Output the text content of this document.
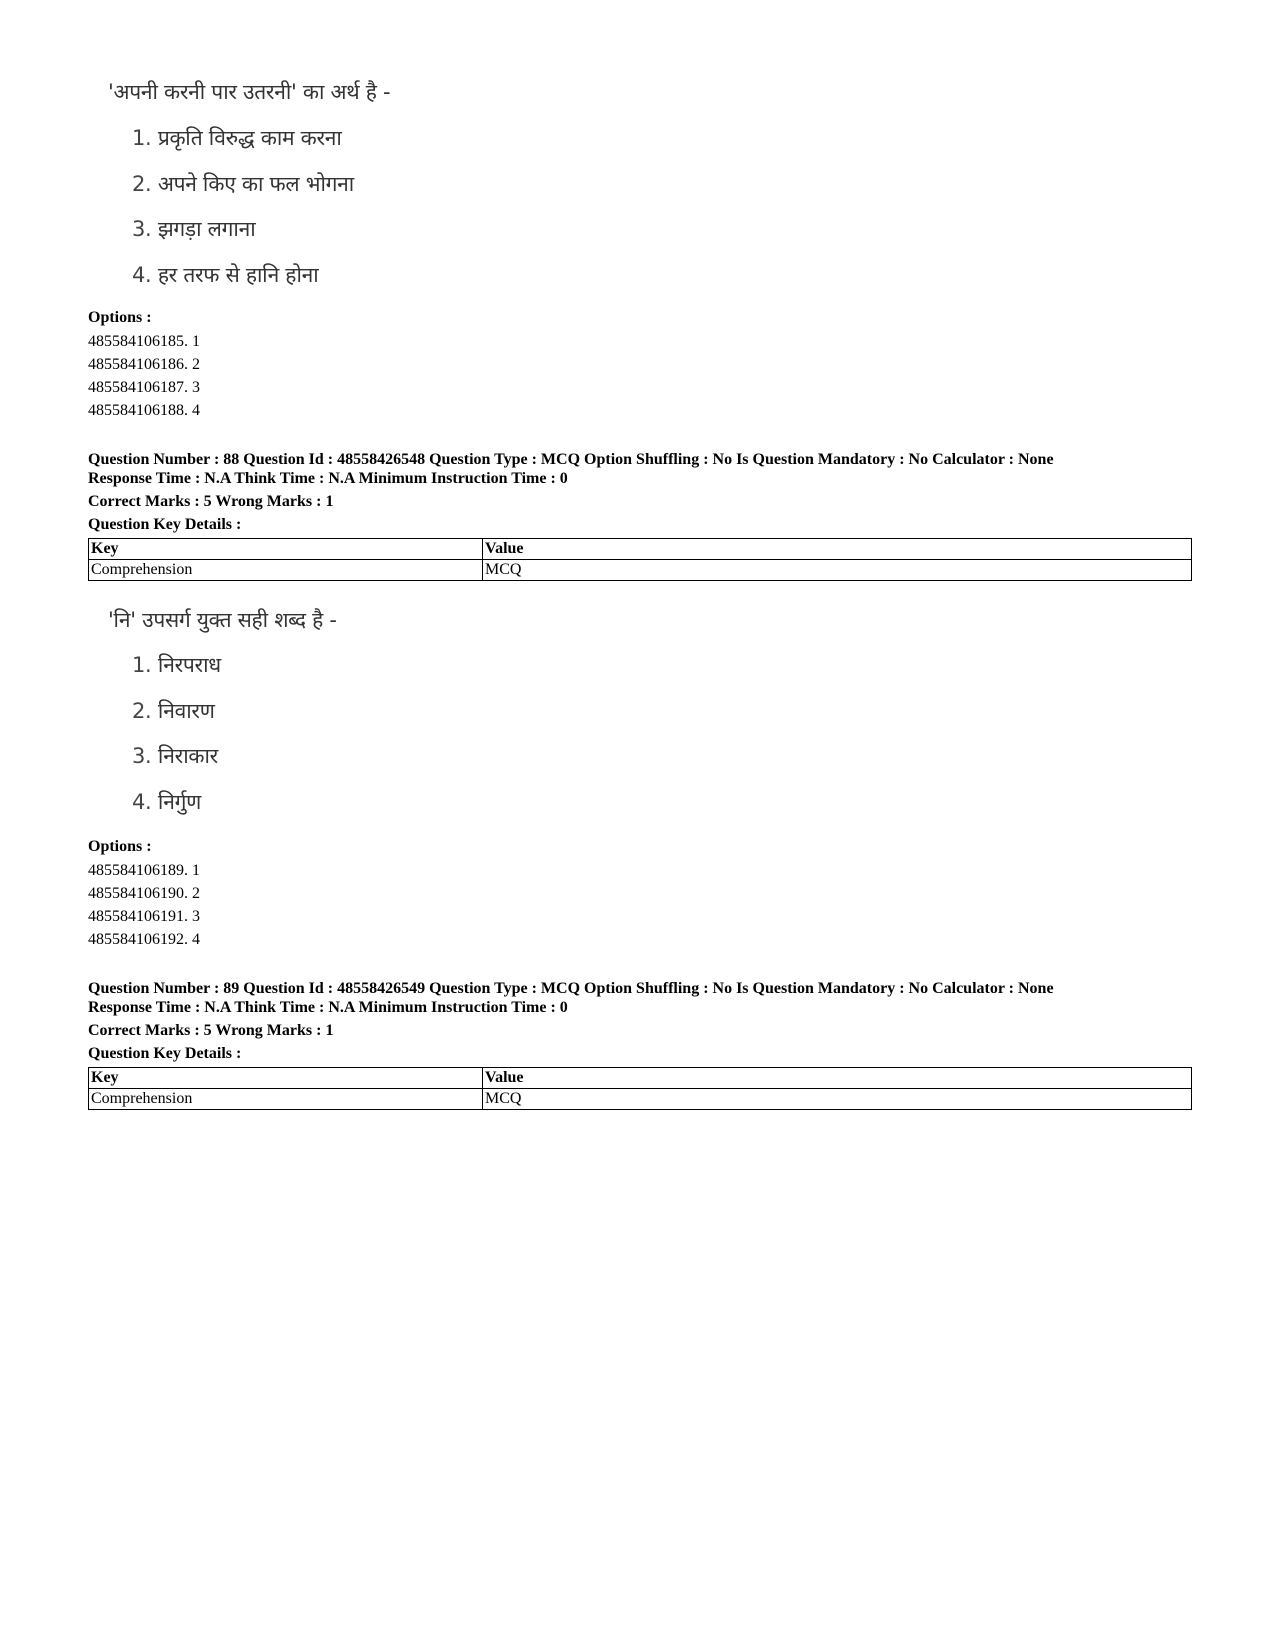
'अपनी करनी पार उतरनी' का अर्थ है -
1. प्रकृति विरुद्ध काम करना
2. अपने किए का फल भोगना
3. झगड़ा लगाना
4. हर तरफ से हानि होना
Options :
485584106185. 1
485584106186. 2
485584106187. 3
485584106188. 4
Question Number : 88 Question Id : 48558426548 Question Type : MCQ Option Shuffling : No Is Question Mandatory : No Calculator : None
Response Time : N.A Think Time : N.A Minimum Instruction Time : 0
Correct Marks : 5 Wrong Marks : 1
Question Key Details :
Key	Value
Comprehension	MCQ
'नि' उपसर्ग युक्त सही शब्द है -
1. निरपराध
2. निवारण
3. निराकार
4. निर्गुण
Options :
485584106189. 1
485584106190. 2
485584106191. 3
485584106192. 4
Question Number : 89 Question Id : 48558426549 Question Type : MCQ Option Shuffling : No Is Question Mandatory : No Calculator : None
Response Time : N.A Think Time : N.A Minimum Instruction Time : 0
Correct Marks : 5 Wrong Marks : 1
Question Key Details :
Key	Value
Comprehension	MCQ
